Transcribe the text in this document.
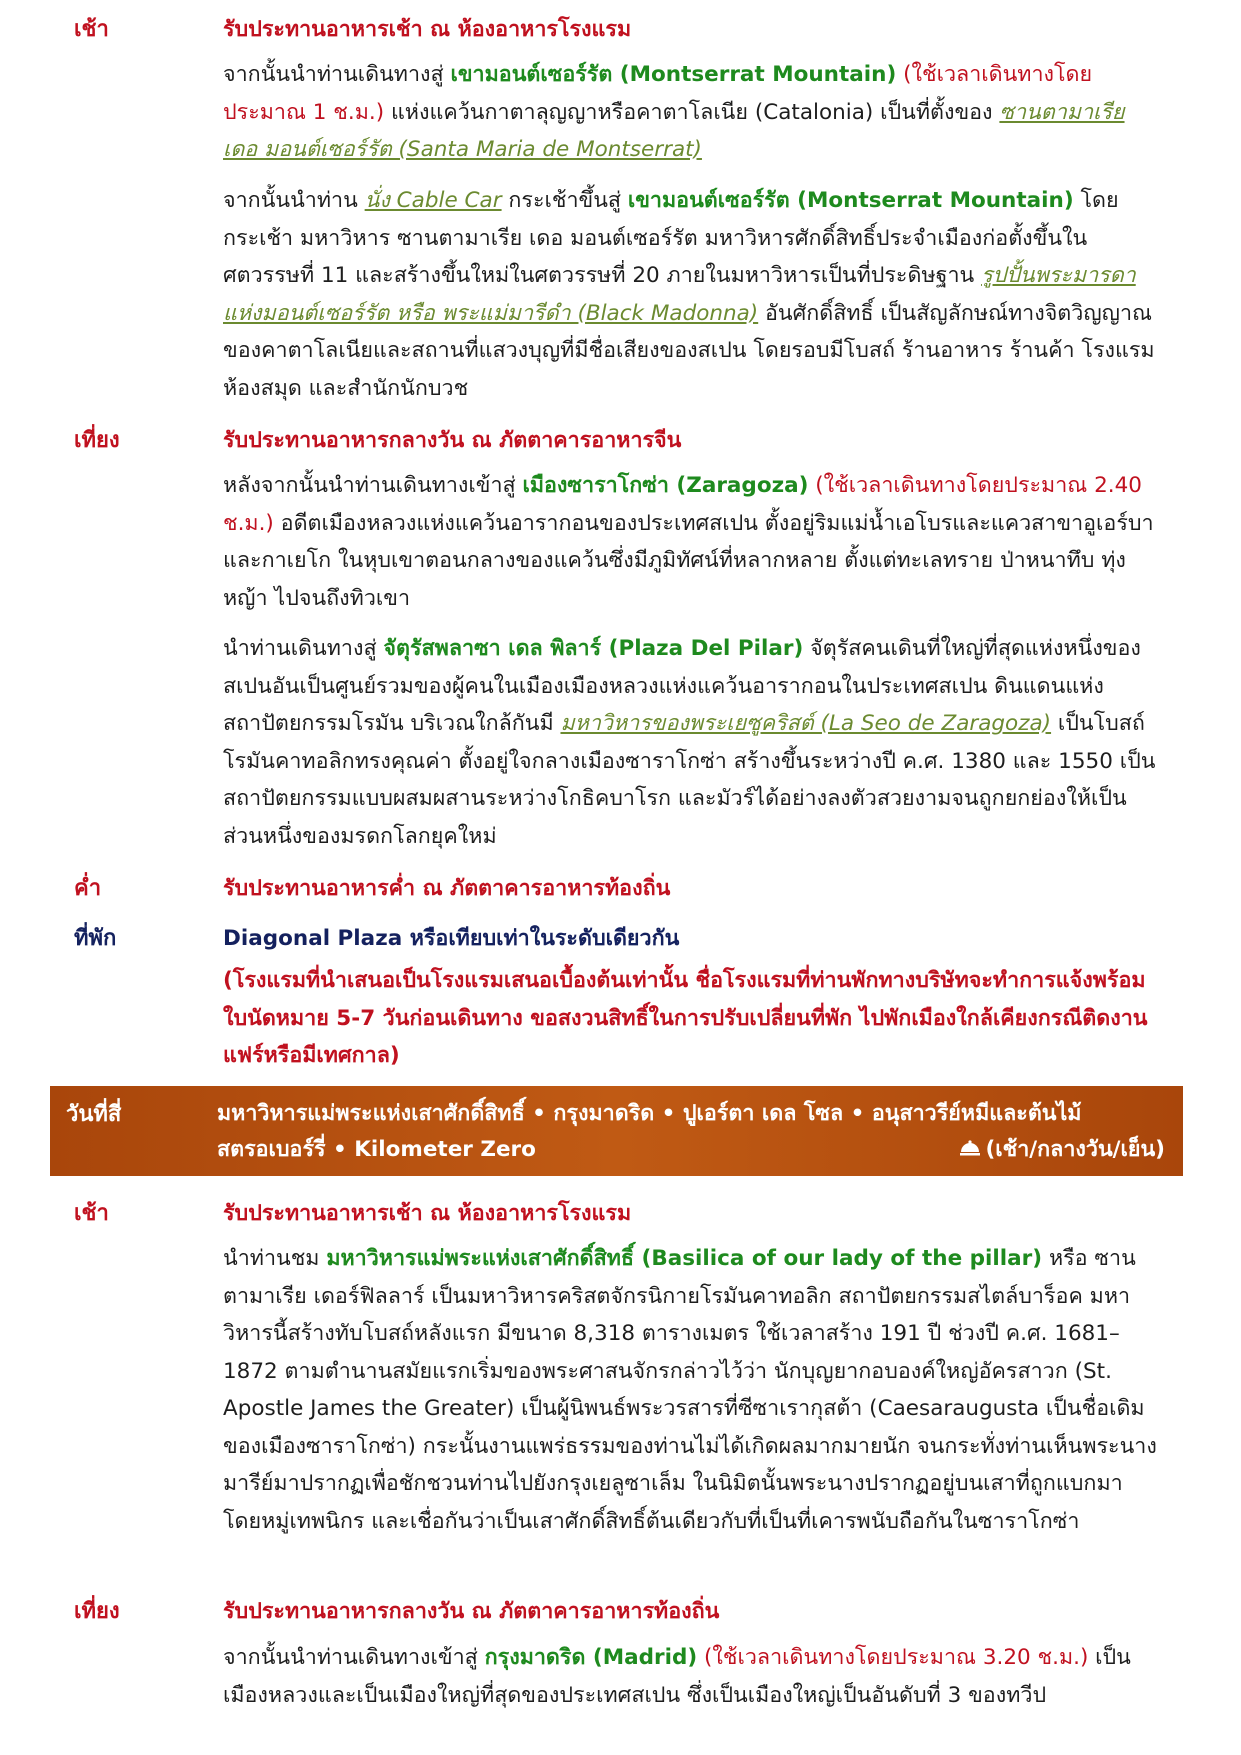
เช้า	รับประทานอาหารเช้า ณ ห้องอาหารโรงแรม
จากนั้นนำท่านเดินทางสู่ เขามอนต์เซอร์รัต (Montserrat Mountain) (ใช้เวลาเดินทางโดยประมาณ 1 ช.ม.) แห่งแคว้นกาตาลุญญาหรือคาตาโลเนีย (Catalonia) เป็นที่ตั้งของ ซานตามาเรีย เดอ มอนต์เซอร์รัต (Santa Maria de Montserrat)
จากนั้นนำท่าน นั่ง Cable Car กระเช้าขึ้นสู่ เขามอนต์เซอร์รัต (Montserrat Mountain) โดยกระเช้า มหาวิหาร ซานตามาเรีย เดอ มอนต์เซอร์รัต มหาวิหารศักดิ์สิทธิ์ประจำเมืองก่อตั้งขึ้นในศตวรรษที่ 11 และสร้างขึ้นใหม่ในศตวรรษที่ 20 ภายในมหาวิหารเป็นที่ประดิษฐาน รูปปั้นพระมารดาแห่งมอนต์เซอร์รัต หรือ พระแม่มารีดำ (Black Madonna) อันศักดิ์สิทธิ์ เป็นสัญลักษณ์ทางจิตวิญญาณของคาตาโลเนียและสถานที่แสวงบุญที่มีชื่อเสียงของสเปน โดยรอบมีโบสถ์ ร้านอาหาร ร้านค้า โรงแรม ห้องสมุด และสำนักนักบวช
เที่ยง	รับประทานอาหารกลางวัน ณ ภัตตาคารอาหารจีน
หลังจากนั้นนำท่านเดินทางเข้าสู่ เมืองซาราโกซ่า (Zaragoza) (ใช้เวลาเดินทางโดยประมาณ 2.40 ช.ม.) อดีตเมืองหลวงแห่งแคว้นอารากอนของประเทศสเปน ตั้งอยู่ริมแม่น้ำเอโบรและแควสาขาอูเอร์บาและกาเยโก ในหุบเขาตอนกลางของแคว้นซึ่งมีภูมิทัศน์ที่หลากหลาย ตั้งแต่ทะเลทราย ป่าหนาทึบ ทุ่งหญ้า ไปจนถึงทิวเขา
นำท่านเดินทางสู่ จัตุรัสพลาซา เดล พิลาร์ (Plaza Del Pilar) จัตุรัสคนเดินที่ใหญ่ที่สุดแห่งหนึ่งของสเปนอันเป็นศูนย์รวมของผู้คนในเมืองเมืองหลวงแห่งแคว้นอารากอนในประเทศสเปน ดินแดนแห่งสถาปัตยกรรมโรมัน บริเวณใกล้กันมี มหาวิหารของพระเยซูคริสต์ (La Seo de Zaragoza) เป็นโบสถ์โรมันคาทอลิกทรงคุณค่า ตั้งอยู่ใจกลางเมืองซาราโกซ่า สร้างขึ้นระหว่างปี ค.ศ. 1380 และ 1550 เป็นสถาปัตยกรรมแบบผสมผสานระหว่างโกธิคบาโรก และมัวร์ได้อย่างลงตัวสวยงามจนถูกยกย่องให้เป็นส่วนหนึ่งของมรดกโลกยุคใหม่
ค่ำ	รับประทานอาหารค่ำ ณ ภัตตาคารอาหารท้องถิ่น
ที่พัก	Diagonal Plaza หรือเทียบเท่าในระดับเดียวกัน
(โรงแรมที่นำเสนอเป็นโรงแรมเสนอเบื้องต้นเท่านั้น ชื่อโรงแรมที่ท่านพักทางบริษัทจะทำการแจ้งพร้อมใบนัดหมาย 5-7 วันก่อนเดินทาง ขอสงวนสิทธิ์ในการปรับเปลี่ยนที่พัก ไปพักเมืองใกล้เคียงกรณีติดงานแฟร์หรือมีเทศกาล)
วันที่สี่	มหาวิหารแม่พระแห่งเสาศักดิ์สิทธิ์ • กรุงมาดริด • ปูเอร์ตา เดล โซล • อนุสาวรีย์หมีและต้นไม้
สตรอเบอร์รี่ • Kilometer Zero	(เช้า/กลางวัน/เย็น)
เช้า	รับประทานอาหารเช้า ณ ห้องอาหารโรงแรม
นำท่านชม มหาวิหารแม่พระแห่งเสาศักดิ์สิทธิ์ (Basilica of our lady of the pillar) หรือ ซานตามาเรีย เดอร์ฟิลลาร์ เป็นมหาวิหารคริสตจักรนิกายโรมันคาทอลิก สถาปัตยกรรมสไตล์บาร็อค มหาวิหารนี้สร้างทับโบสถ์หลังแรก มีขนาด 8,318 ตารางเมตร ใช้เวลาสร้าง 191 ปี ช่วงปี ค.ศ. 1681–1872 ตามตำนานสมัยแรกเริ่มของพระศาสนจักรกล่าวไว้ว่า นักบุญยากอบองค์ใหญ่อัครสาวก (St. Apostle James the Greater) เป็นผู้นิพนธ์พระวรสารที่ซีซาเรากุสต้า (Caesaraugusta เป็นชื่อเดิมของเมืองซาราโกซ่า) กระนั้นงานแพร่ธรรมของท่านไม่ได้เกิดผลมากมายนัก จนกระทั่งท่านเห็นพระนางมารีย์มาปรากฏเพื่อชักชวนท่านไปยังกรุงเยลูซาเล็ม ในนิมิตนั้นพระนางปรากฏอยู่บนเสาที่ถูกแบกมาโดยหมู่เทพนิกร และเชื่อกันว่าเป็นเสาศักดิ์สิทธิ์ต้นเดียวกับที่เป็นที่เคารพนับถือกันในซาราโกซ่า
เที่ยง	รับประทานอาหารกลางวัน ณ ภัตตาคารอาหารท้องถิ่น
จากนั้นนำท่านเดินทางเข้าสู่ กรุงมาดริด (Madrid) (ใช้เวลาเดินทางโดยประมาณ 3.20 ช.ม.) เป็นเมืองหลวงและเป็นเมืองใหญ่ที่สุดของประเทศสเปน ซึ่งเป็นเมืองใหญ่เป็นอันดับที่ 3 ของทวีป
